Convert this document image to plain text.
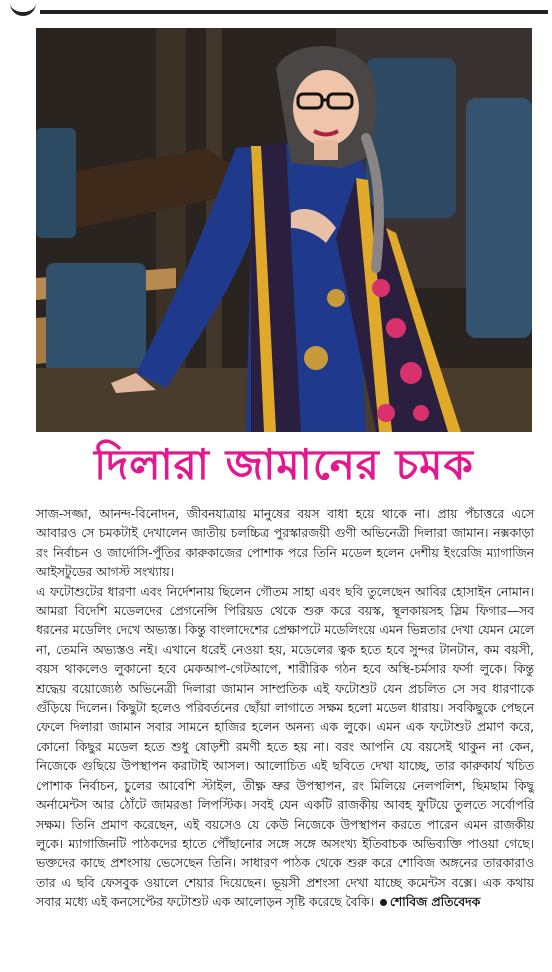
দিলারা জামানের চমক

সাজ-সজ্জা, আনন্দ-বিনোদন, জীবনযাত্রায় মানুষের বয়স বাধা হয়ে থাকে না। প্রায় পঁচাত্তরে এসে আবারও সে চমকটাই দেখালেন জাতীয় চলচ্চিত্র পুরস্কারজয়ী গুণী অভিনেত্রী দিলারা জামান। নক্সকাড়া রং নির্বাচন ও জার্দোসি-পুঁতির কারুকাজের পোশাক পরে তিনি মডেল হলেন দেশীয় ইংরেজি ম্যাগাজিন আইসটুডের আগস্ট সংখ্যায়।

এ ফটোশুটের ধারণা এবং নির্দেশনায় ছিলেন গৌতম সাহা এবং ছবি তুলেছেন আবির হোসাইন নোমান। আমরা বিদেশি মডেলদের প্রেগনেন্সি পিরিয়ড থেকে শুরু করে বয়স্ক, স্থূলকায়সহ স্লিম ফিগার—সব ধরনের মডেলিং দেখে অভ্যস্ত। কিন্তু বাংলাদেশের প্রেক্ষাপটে মডেলিংয়ে এমন ভিন্নতার দেখা যেমন মেলে না, তেমনি অভ্যস্তও নই। এখানে ধরেই নেওয়া হয়, মডেলের ত্বক হতে হবে সুন্দর টানটান, কম বয়সী, বয়স থাকলেও লুকানো হবে মেকআপ-গেটআপে, শারীরিক গঠন হবে অস্থি-চর্মসার ফর্সা লুকে। কিন্তু শ্রদ্ধেয় বয়োজ্যেষ্ঠ অভিনেত্রী দিলারা জামান সাম্প্রতিক এই ফটোশুট যেন প্রচলিত সে সব ধারণাকে গুঁড়িয়ে দিলেন। কিছুটা হলেও পরিবর্তনের ছোঁয়া লাগাতে সক্ষম হলো মডেল ধারায়। সবকিছুকে পেছনে ফেলে দিলারা জামান সবার সামনে হাজির হলেন অনন্য এক লুকে। এমন এক ফটোশুট প্রমাণ করে, কোনো কিছুর মডেল হতে শুধু ষোড়শী রমণী হতে হয় না। বরং আপনি যে বয়সেই থাকুন না কেন, নিজেকে গুছিয়ে উপস্থাপন করাটাই আসল। আলোচিত এই ছবিতে দেখা যাচ্ছে, তার কারুকার্য খচিত পোশাক নির্বাচন, চুলের আবেশি স্টাইল, তীক্ষ্ণ ভ্রুর উপস্থাপন, রং মিলিয়ে নেলপলিশ, ছিমছাম কিছু অর্নামেন্টস আর ঠোঁটে জামরঙা লিপস্টিক। সবই যেন একটি রাজকীয় আবহ ফুটিয়ে তুলতে সর্বোপরি সক্ষম। তিনি প্রমাণ করেছেন, এই বয়সেও যে কেউ নিজেকে উপস্থাপন করতে পারেন এমন রাজকীয় লুকে। ম্যাগাজিনটি পাঠকদের হাতে পৌঁছানোর সঙ্গে সঙ্গে অসংখ্য ইতিবাচক অভিব্যক্তি পাওয়া গেছে। ভক্তদের কাছে প্রশংসায় ভেসেছেন তিনি। সাধারণ পাঠক থেকে শুরু করে শোবিজ অঙ্গনের তারকারাও তার এ ছবি ফেসবুক ওয়ালে শেয়ার দিয়েছেন। ভূয়সী প্রশংসা দেখা যাচ্ছে কমেন্টস বক্সে। এক কথায় সবার মধ্যে এই কনসেপ্টের ফটোশুট এক আলোড়ন সৃষ্টি করেছে বৈকি। শোবিজ প্রতিবেদক
